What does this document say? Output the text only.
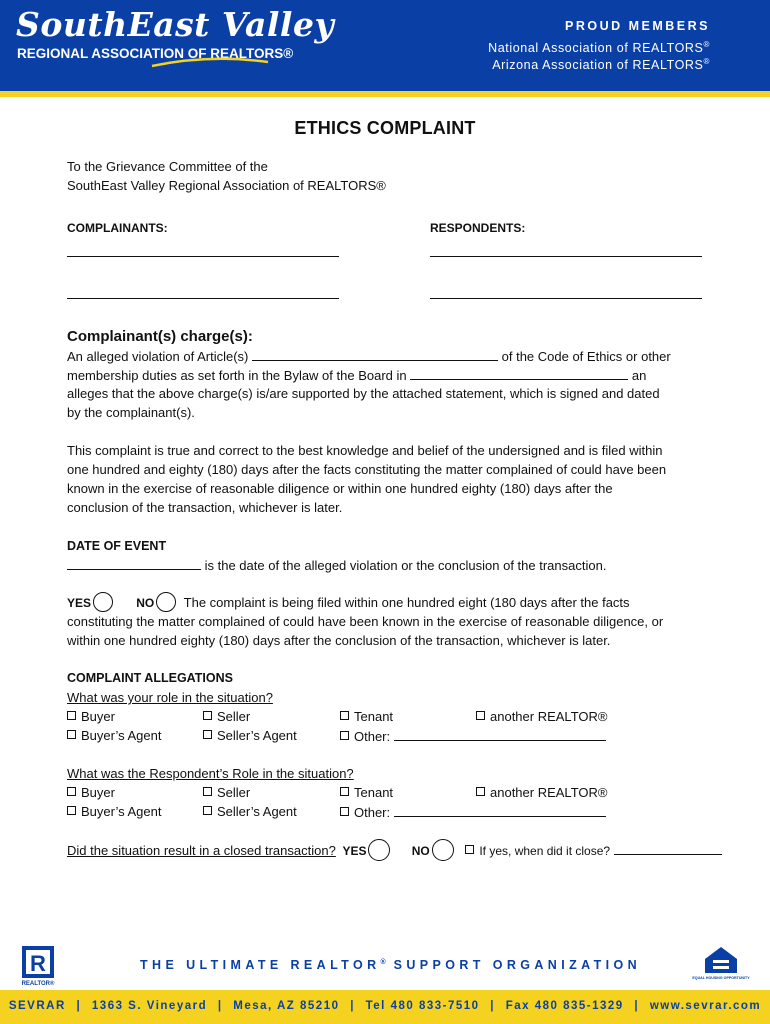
SouthEast Valley
REGIONAL ASSOCIATION OF REALTORS®
PROUD MEMBERS
National Association of REALTORS®
Arizona Association of REALTORS®
ETHICS COMPLAINT
To the Grievance Committee of the
SouthEast Valley Regional Association of REALTORS®
COMPLAINANTS:	RESPONDENTS:
Complainant(s) charge(s):
An alleged violation of Article(s)	of the Code of Ethics or other
membership duties as set forth in the Bylaw of the Board in	an
alleges that the above charge(s) is/are supported by the attached statement, which is signed and dated
by the complainant(s).
This complaint is true and correct to the best knowledge and belief of the undersigned and is filed within
one hundred and eighty (180) days after the facts constituting the matter complained of could have been
known in the exercise of reasonable diligence or within one hundred eighty (180) days after the
conclusion of the transaction, whichever is later.
DATE OF EVENT
is the date of the alleged violation or the conclusion of the transaction.
YES	NO The complaint is being filed within one hundred eight (180 days after the facts
constituting the matter complained of could have been known in the exercise of reasonable diligence, or
within one hundred eighty (180) days after the conclusion of the transaction, whichever is later.
COMPLAINT ALLEGATIONS
What was your role in the situation?
Buyer	Seller	Tenant	another REALTOR®
Buyer’s Agent	Seller’s Agent	Other:
What was the Respondent’s Role in the situation?
Buyer	Seller	Tenant	another REALTOR®
Buyer’s Agent	Seller’s Agent	Other:
Did the situation result in a closed transaction? YES	NO	If yes, when did it close?
R
REALTOR®
THE ULTIMATE REALTOR® SUPPORT ORGANIZATION
EQUAL HOUSING OPPORTUNITY
SEVRAR | 1363 S. Vineyard | Mesa, AZ 85210 | Tel 480 833-7510 | Fax 480 835-1329 | www.sevrar.com
